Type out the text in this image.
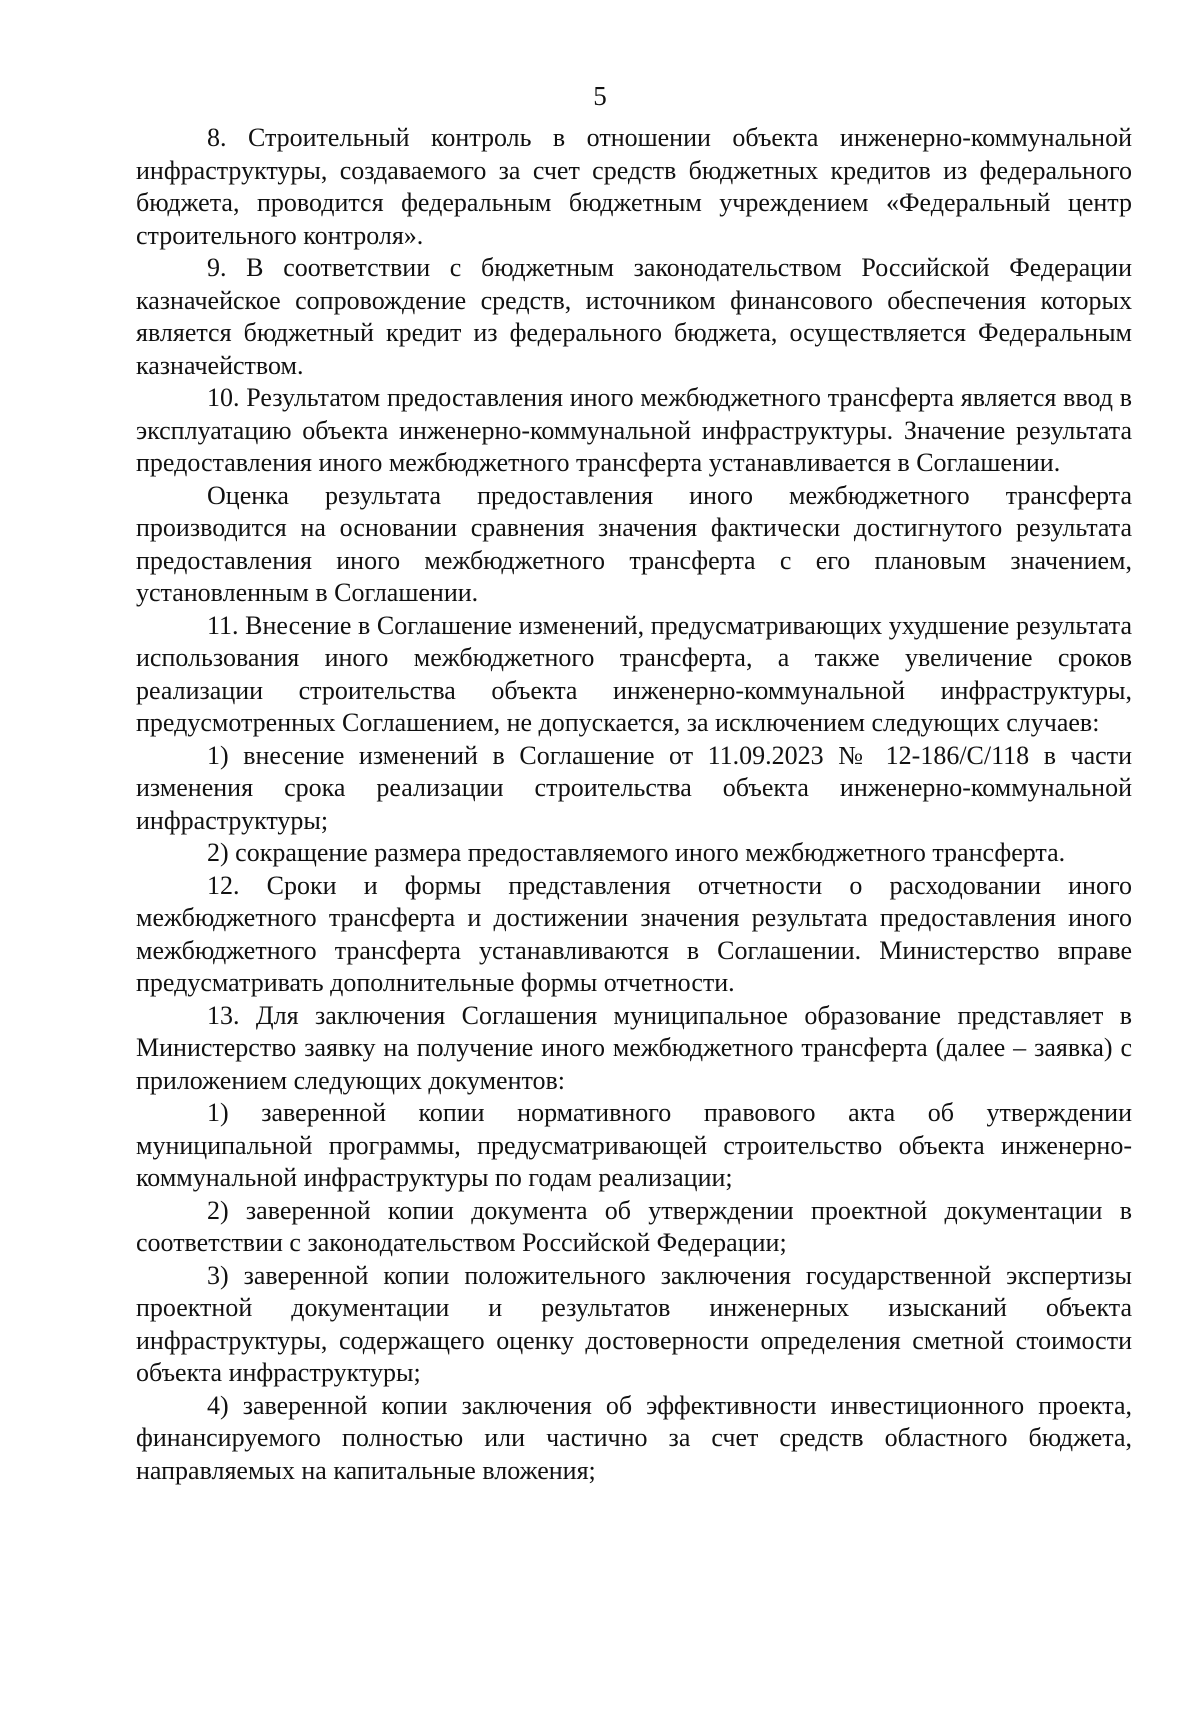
5

8. Строительный контроль в отношении объекта инженерно-коммунальной инфраструктуры, создаваемого за счет средств бюджетных кредитов из федерального бюджета, проводится федеральным бюджетным учреждением «Федеральный центр строительного контроля».

9. В соответствии с бюджетным законодательством Российской Федерации казначейское сопровождение средств, источником финансового обеспечения которых является бюджетный кредит из федерального бюджета, осуществляется Федеральным казначейством.

10. Результатом предоставления иного межбюджетного трансферта является ввод в эксплуатацию объекта инженерно-коммунальной инфраструктуры. Значение результата предоставления иного межбюджетного трансферта устанавливается в Соглашении.

Оценка результата предоставления иного межбюджетного трансферта производится на основании сравнения значения фактически достигнутого результата предоставления иного межбюджетного трансферта с его плановым значением, установленным в Соглашении.

11. Внесение в Соглашение изменений, предусматривающих ухудшение результата использования иного межбюджетного трансферта, а также увеличение сроков реализации строительства объекта инженерно-коммунальной инфраструктуры, предусмотренных Соглашением, не допускается, за исключением следующих случаев:

1) внесение изменений в Соглашение от 11.09.2023 № 12-186/С/118 в части изменения срока реализации строительства объекта инженерно-коммунальной инфраструктуры;

2) сокращение размера предоставляемого иного межбюджетного трансферта.

12. Сроки и формы представления отчетности о расходовании иного межбюджетного трансферта и достижении значения результата предоставления иного межбюджетного трансферта устанавливаются в Соглашении. Министерство вправе предусматривать дополнительные формы отчетности.

13. Для заключения Соглашения муниципальное образование представляет в Министерство заявку на получение иного межбюджетного трансферта (далее – заявка) с приложением следующих документов:

1) заверенной копии нормативного правового акта об утверждении муниципальной программы, предусматривающей строительство объекта инженерно-коммунальной инфраструктуры по годам реализации;

2) заверенной копии документа об утверждении проектной документации в соответствии с законодательством Российской Федерации;

3) заверенной копии положительного заключения государственной экспертизы проектной документации и результатов инженерных изысканий объекта инфраструктуры, содержащего оценку достоверности определения сметной стоимости объекта инфраструктуры;

4) заверенной копии заключения об эффективности инвестиционного проекта, финансируемого полностью или частично за счет средств областного бюджета, направляемых на капитальные вложения;
